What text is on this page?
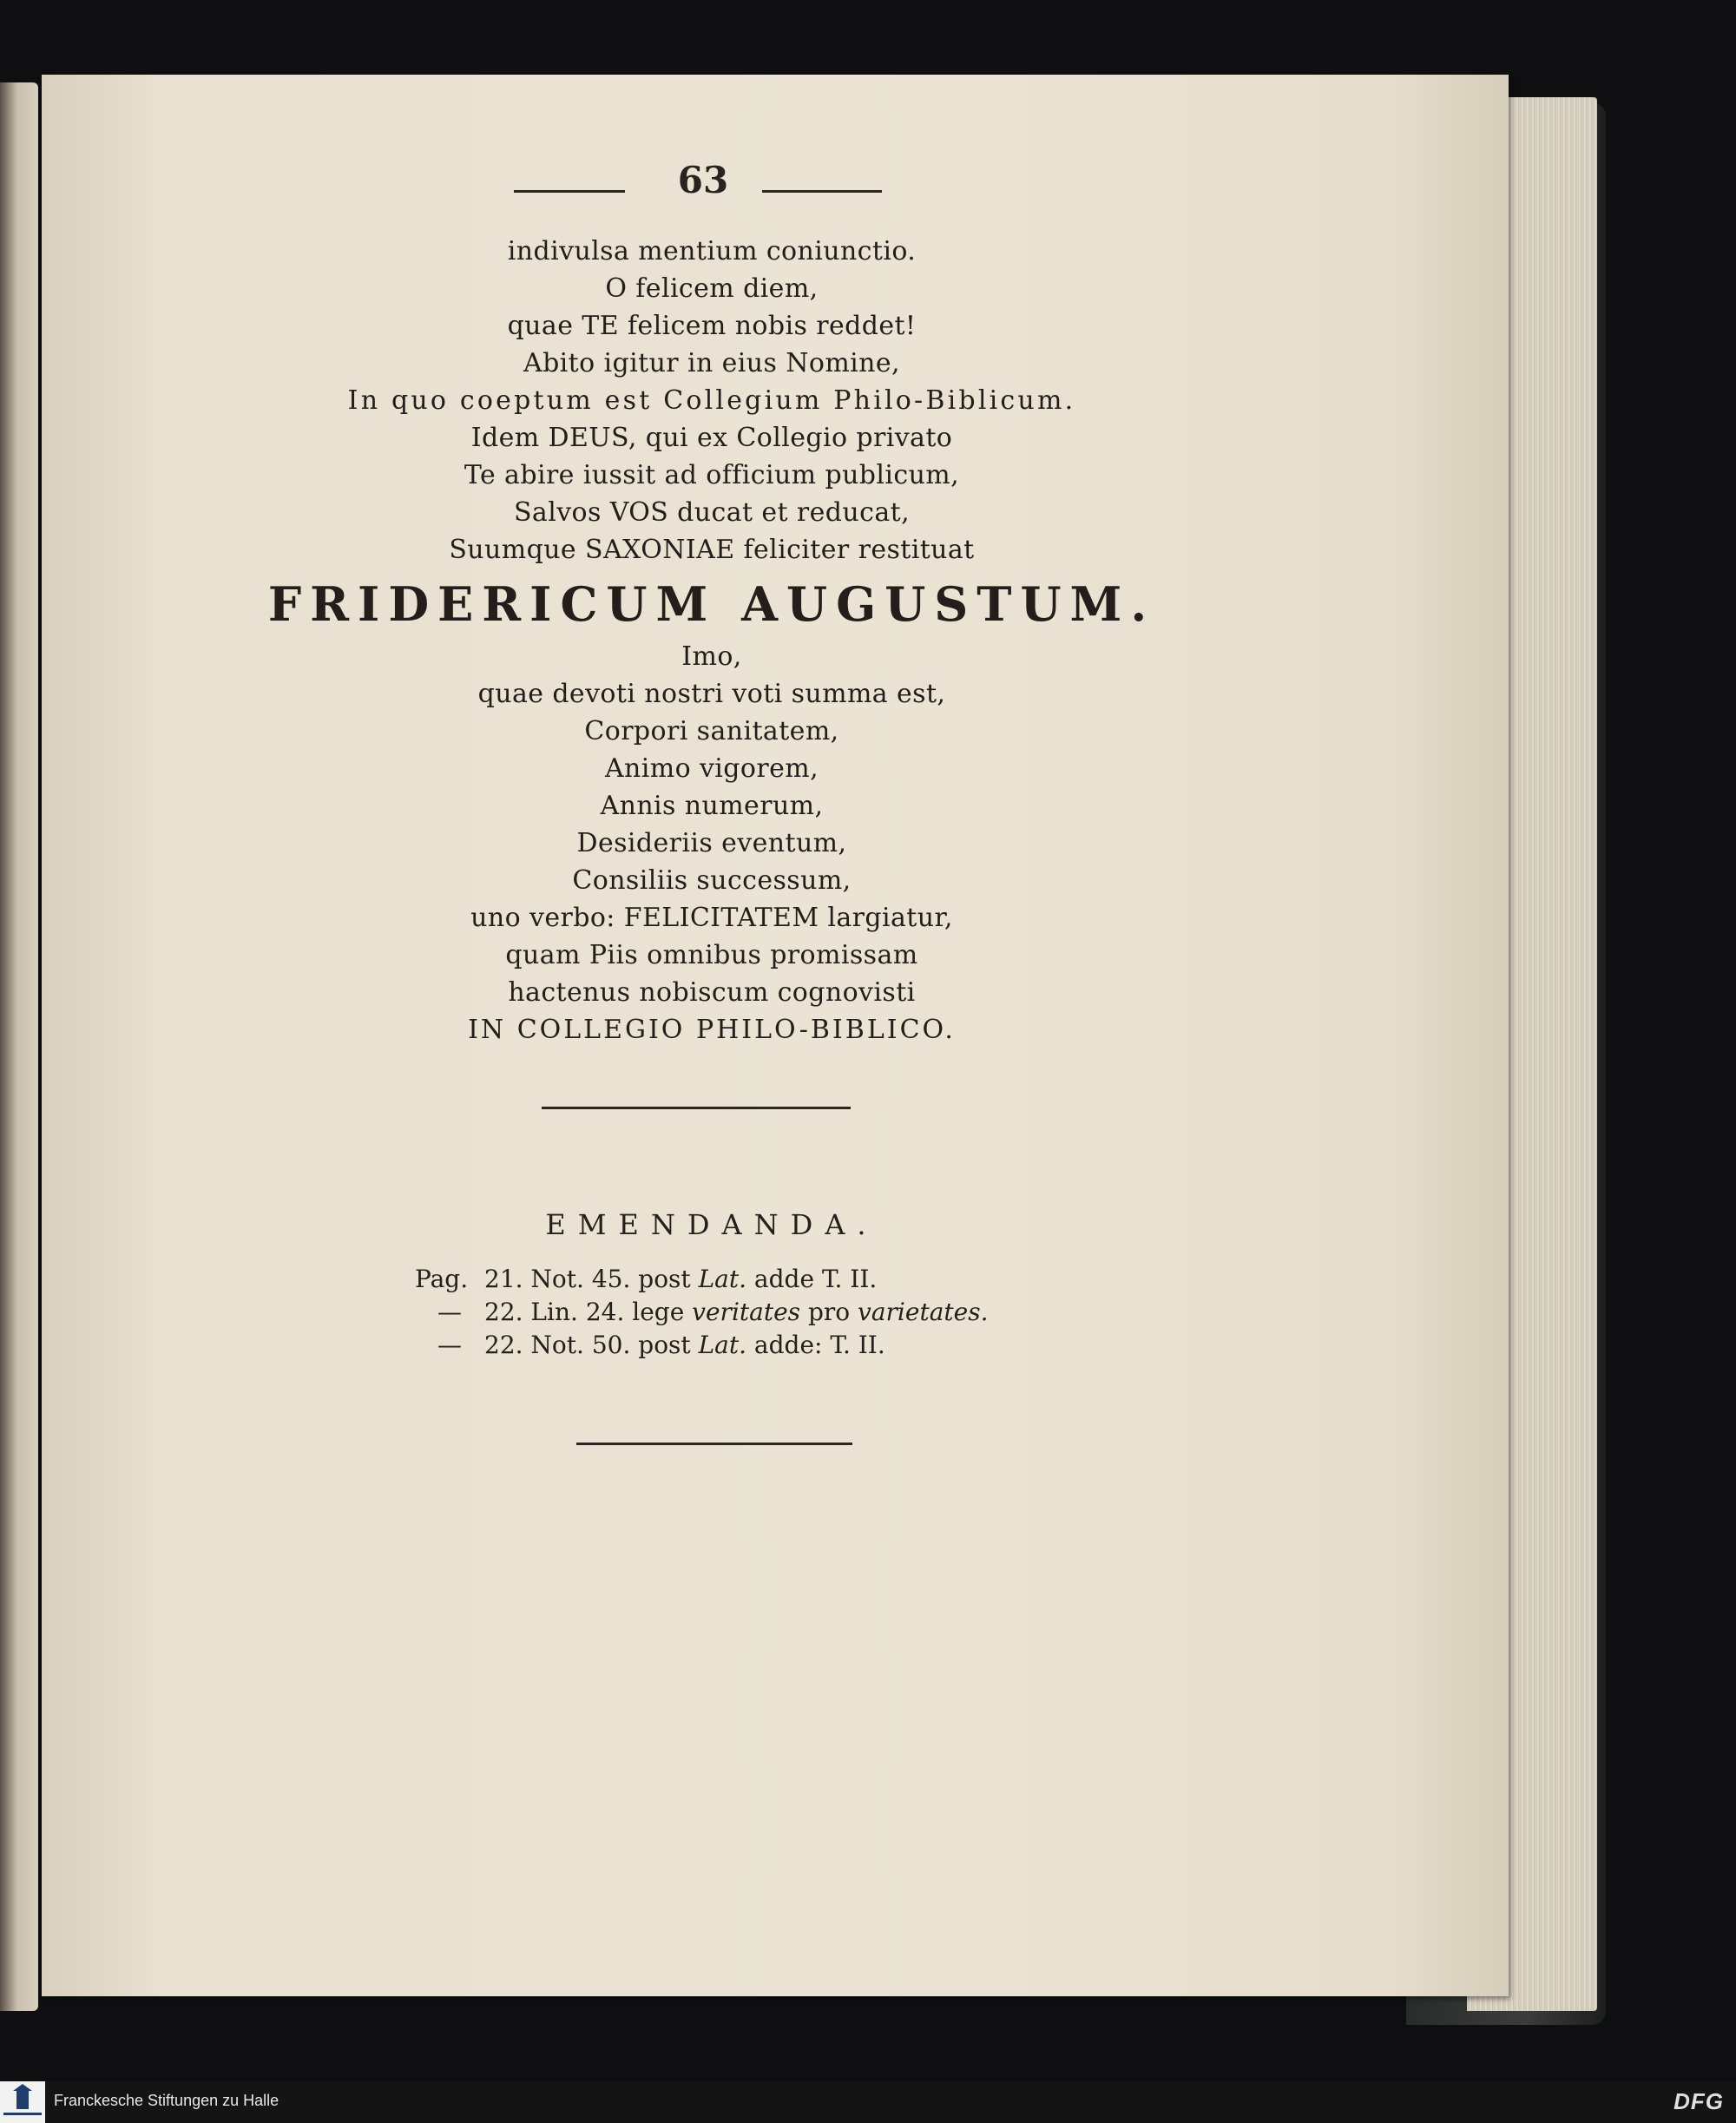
63
indivulsa mentium coniunctio.
O felicem diem,
quae TE felicem nobis reddet!
Abito igitur in eius Nomine,
In quo coeptum est Collegium Philo-Biblicum.
Idem DEUS, qui ex Collegio privato
Te abire iussit ad officium publicum,
Salvos VOS ducat et reducat,
Suumque SAXONIAE feliciter restituat
FRIDERICUM AUGUSTUM.
Imo,
quae devoti nostri voti summa est,
Corpori sanitatem,
Animo vigorem,
Annis numerum,
Desideriis eventum,
Consiliis successum,
uno verbo: FELICITATEM largiatur,
quam Piis omnibus promissam
hactenus nobiscum cognovisti
IN COLLEGIO PHILO-BIBLICO.
EMENDANDA.
Pag. 21. Not. 45. post Lat. adde T. II.
— 22. Lin. 24. lege veritates pro varietates.
— 22. Not. 50. post Lat. adde: T. II.
Franckesche Stiftungen zu Halle	DFG
